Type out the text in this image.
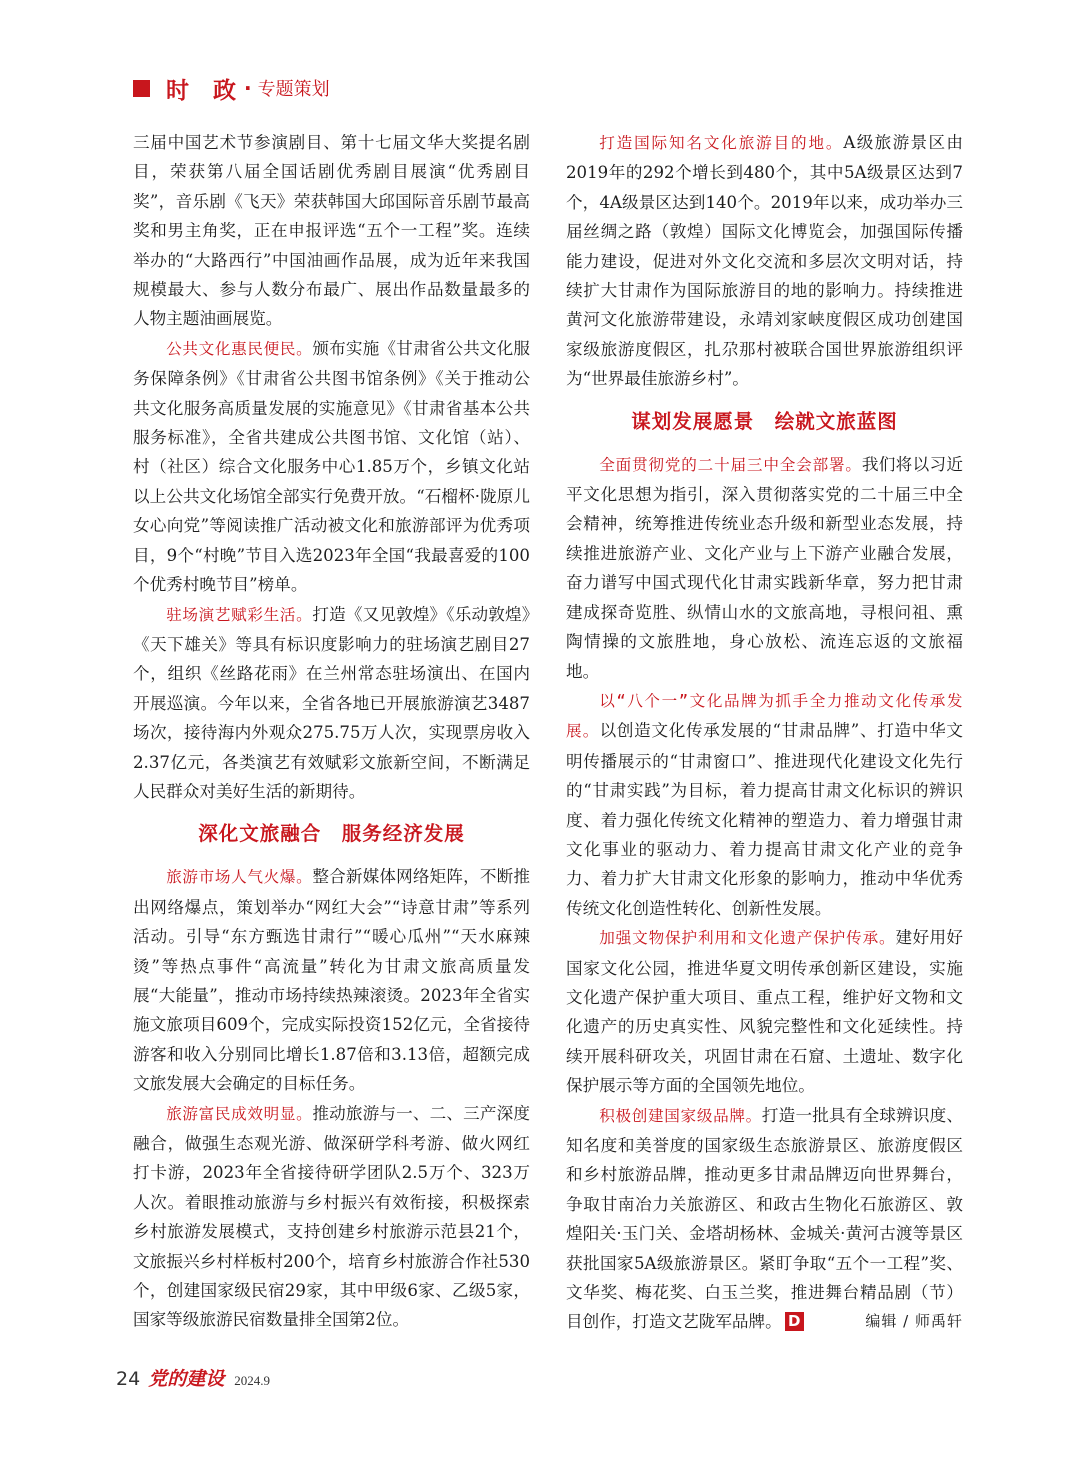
时 政 · 专题策划

三届中国艺术节参演剧目、第十七届文华大奖提名剧目，荣获第八届全国话剧优秀剧目展演“优秀剧目奖”，音乐剧《飞天》荣获韩国大邱国际音乐剧节最高奖和男主角奖，正在申报评选“五个一工程”奖。连续举办的“大路西行”中国油画作品展，成为近年来我国规模最大、参与人数分布最广、展出作品数量最多的人物主题油画展览。

公共文化惠民便民。颁布实施《甘肃省公共文化服务保障条例》《甘肃省公共图书馆条例》《关于推动公共文化服务高质量发展的实施意见》《甘肃省基本公共服务标准》，全省共建成公共图书馆、文化馆（站）、村（社区）综合文化服务中心1.85万个，乡镇文化站以上公共文化场馆全部实行免费开放。“石榴杯·陇原儿女心向党”等阅读推广活动被文化和旅游部评为优秀项目，9个“村晚”节目入选2023年全国“我最喜爱的100个优秀村晚节目”榜单。

驻场演艺赋彩生活。打造《又见敦煌》《乐动敦煌》《天下雄关》等具有标识度影响力的驻场演艺剧目27个，组织《丝路花雨》在兰州常态驻场演出、在国内开展巡演。今年以来，全省各地已开展旅游演艺3487场次，接待海内外观众275.75万人次，实现票房收入2.37亿元，各类演艺有效赋彩文旅新空间，不断满足人民群众对美好生活的新期待。

深化文旅融合　服务经济发展

旅游市场人气火爆。整合新媒体网络矩阵，不断推出网络爆点，策划举办“网红大会”“诗意甘肃”等系列活动。引导“东方甄选甘肃行”“暖心瓜州”“天水麻辣烫”等热点事件“高流量”转化为甘肃文旅高质量发展“大能量”，推动市场持续热辣滚烫。2023年全省实施文旅项目609个，完成实际投资152亿元，全省接待游客和收入分别同比增长1.87倍和3.13倍，超额完成文旅发展大会确定的目标任务。

旅游富民成效明显。推动旅游与一、二、三产深度融合，做强生态观光游、做深研学科考游、做火网红打卡游，2023年全省接待研学团队2.5万个、323万人次。着眼推动旅游与乡村振兴有效衔接，积极探索乡村旅游发展模式，支持创建乡村旅游示范县21个，文旅振兴乡村样板村200个，培育乡村旅游合作社530个，创建国家级民宿29家，其中甲级6家、乙级5家，国家等级旅游民宿数量排全国第2位。

打造国际知名文化旅游目的地。A级旅游景区由2019年的292个增长到480个，其中5A级景区达到7个，4A级景区达到140个。2019年以来，成功举办三届丝绸之路（敦煌）国际文化博览会，加强国际传播能力建设，促进对外文化交流和多层次文明对话，持续扩大甘肃作为国际旅游目的地的影响力。持续推进黄河文化旅游带建设，永靖刘家峡度假区成功创建国家级旅游度假区，扎尕那村被联合国世界旅游组织评为“世界最佳旅游乡村”。

谋划发展愿景　绘就文旅蓝图

全面贯彻党的二十届三中全会部署。我们将以习近平文化思想为指引，深入贯彻落实党的二十届三中全会精神，统筹推进传统业态升级和新型业态发展，持续推进旅游产业、文化产业与上下游产业融合发展，奋力谱写中国式现代化甘肃实践新华章，努力把甘肃建成探奇览胜、纵情山水的文旅高地，寻根问祖、熏陶情操的文旅胜地，身心放松、流连忘返的文旅福地。

以“八个一”文化品牌为抓手全力推动文化传承发展。以创造文化传承发展的“甘肃品牌”、打造中华文明传播展示的“甘肃窗口”、推进现代化建设文化先行的“甘肃实践”为目标，着力提高甘肃文化标识的辨识度、着力强化传统文化精神的塑造力、着力增强甘肃文化事业的驱动力、着力提高甘肃文化产业的竞争力、着力扩大甘肃文化形象的影响力，推动中华优秀传统文化创造性转化、创新性发展。

加强文物保护利用和文化遗产保护传承。建好用好国家文化公园，推进华夏文明传承创新区建设，实施文化遗产保护重大项目、重点工程，维护好文物和文化遗产的历史真实性、风貌完整性和文化延续性。持续开展科研攻关，巩固甘肃在石窟、土遗址、数字化保护展示等方面的全国领先地位。

积极创建国家级品牌。打造一批具有全球辨识度、知名度和美誉度的国家级生态旅游景区、旅游度假区和乡村旅游品牌，推动更多甘肃品牌迈向世界舞台，争取甘南冶力关旅游区、和政古生物化石旅游区、敦煌阳关·玉门关、金塔胡杨林、金城关·黄河古渡等景区获批国家5A级旅游景区。紧盯争取“五个一工程”奖、文华奖、梅花奖、白玉兰奖，推进舞台精品剧（节）目创作，打造文艺陇军品牌。 D	编辑 / 师禹轩

24 党的建设 2024.9
